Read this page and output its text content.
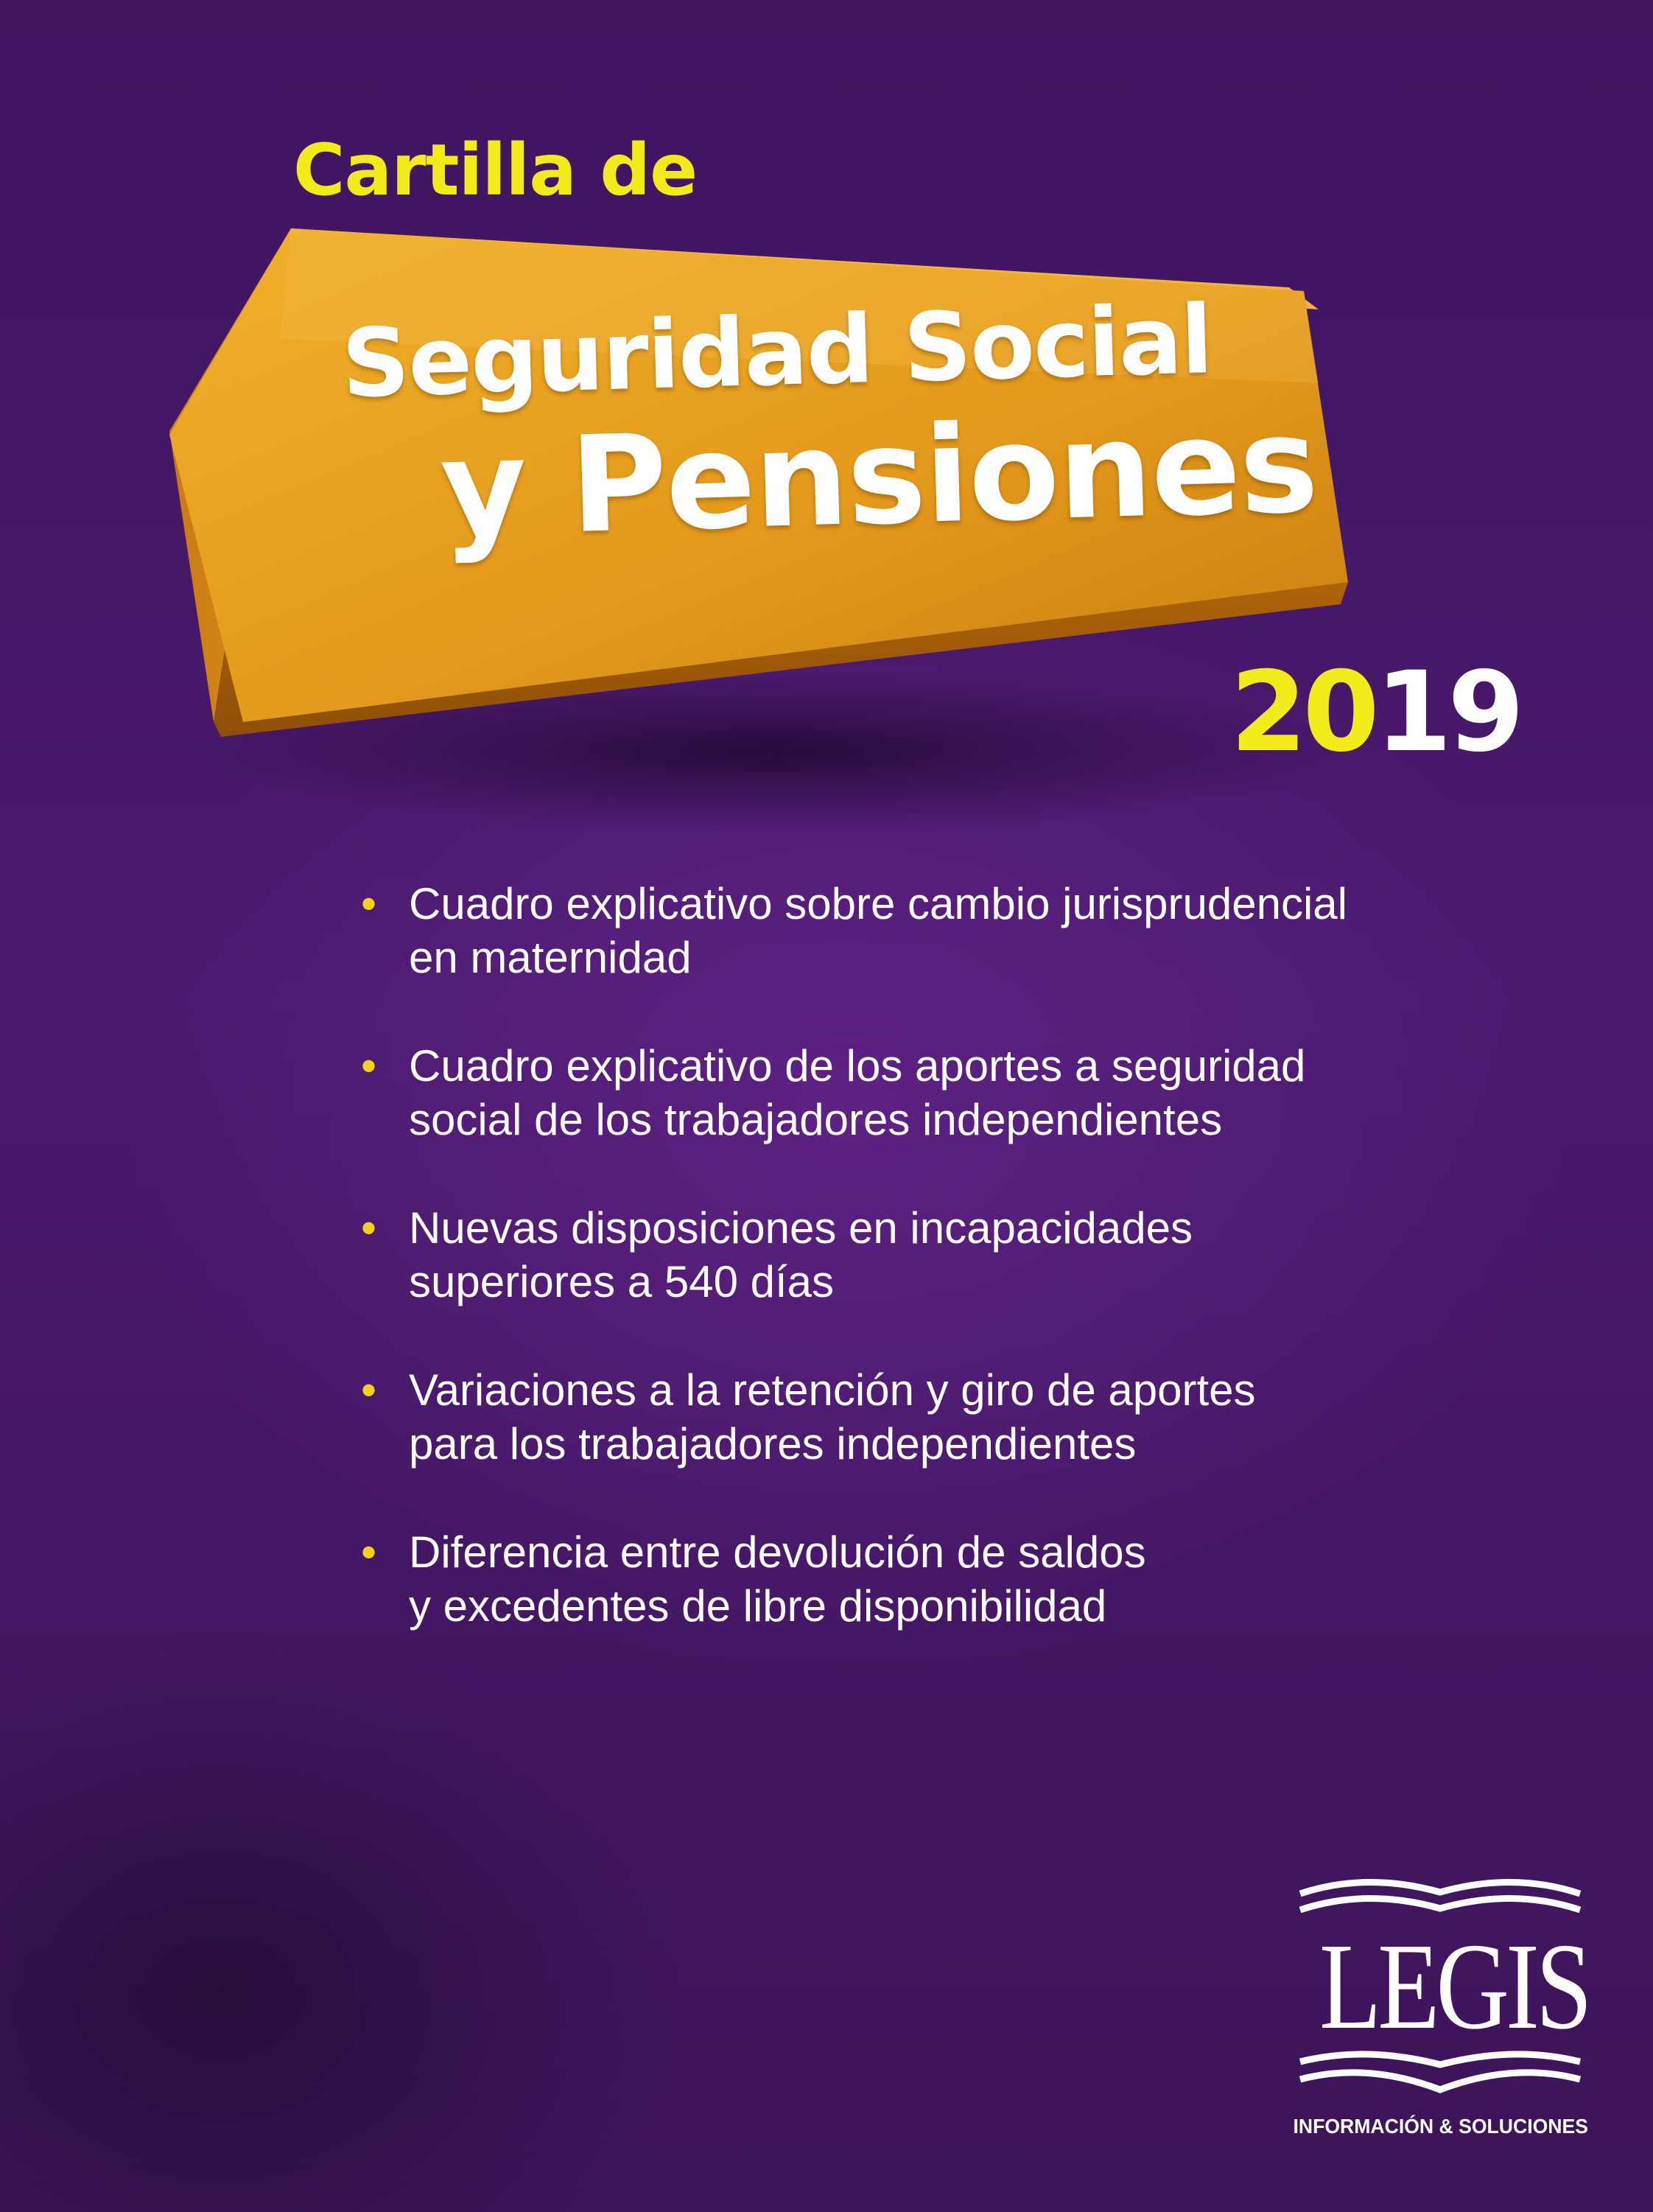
Cartilla de
Seguridad Social
y Pensiones
2019
• Cuadro explicativo sobre cambio jurisprudencial
en maternidad
• Cuadro explicativo de los aportes a seguridad
social de los trabajadores independientes
• Nuevas disposiciones en incapacidades
superiores a 540 días
• Variaciones a la retención y giro de aportes
para los trabajadores independientes
• Diferencia entre devolución de saldos
y excedentes de libre disponibilidad
LEGIS
INFORMACIÓN & SOLUCIONES
